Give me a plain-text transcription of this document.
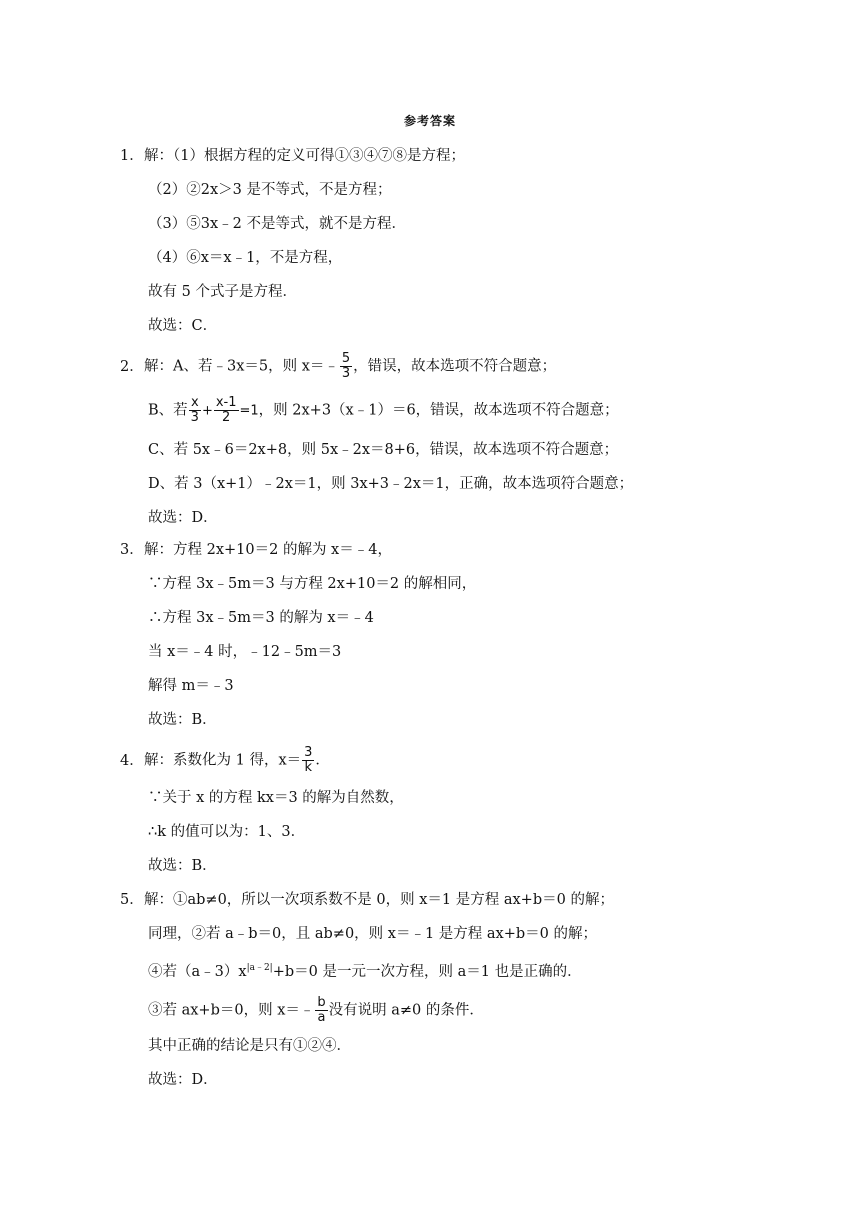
参考答案
1．解：（1）根据方程的定义可得①③④⑦⑧是方程；
（2）②2x＞3 是不等式，不是方程；
（3）⑤3x﹣2 不是等式，就不是方程．
（4）⑥x＝x﹣1，不是方程，
故有 5 个式子是方程．
故选：C．
2．解：A、若﹣3x＝5，则 x＝﹣ $\frac{5}{3}$ ，错误，故本选项不符合题意；
B、若 $\frac{x}{3} + \frac{x-1}{2} =1$，则 2x+3（x﹣1）＝6，错误，故本选项不符合题意；
C、若 5x﹣6＝2x+8，则 5x﹣2x＝8+6，错误，故本选项不符合题意；
D、若 3（x+1）﹣2x＝1，则 3x+3﹣2x＝1，正确，故本选项符合题意；
故选：D．
3．解：方程 2x+10＝2 的解为 x＝﹣4，
∵方程 3x﹣5m＝3 与方程 2x+10＝2 的解相同，
∴方程 3x﹣5m＝3 的解为 x＝﹣4
当 x＝﹣4 时，﹣12﹣5m＝3
解得 m＝﹣3
故选：B．
4．解：系数化为 1 得，$x= \frac{3}{k}$ ．
∵关于 x 的方程 kx＝3 的解为自然数，
∴k 的值可以为：1、3．
故选：B．
5．解：①ab≠0，所以一次项系数不是 0，则 x＝1 是方程 ax+b＝0 的解；
同理，②若 a﹣b＝0，且 ab≠0，则 x＝﹣1 是方程 ax+b＝0 的解；
④若$(a﹣3)x^{|a﹣2|}+b=0$ 是一元一次方程，则 a＝1 也是正确的．
③若 ax+b＝0，则 x＝﹣ $\frac{b}{a}$ 没有说明 a≠0 的条件．
其中正确的结论是只有①②④．
故选：D．
